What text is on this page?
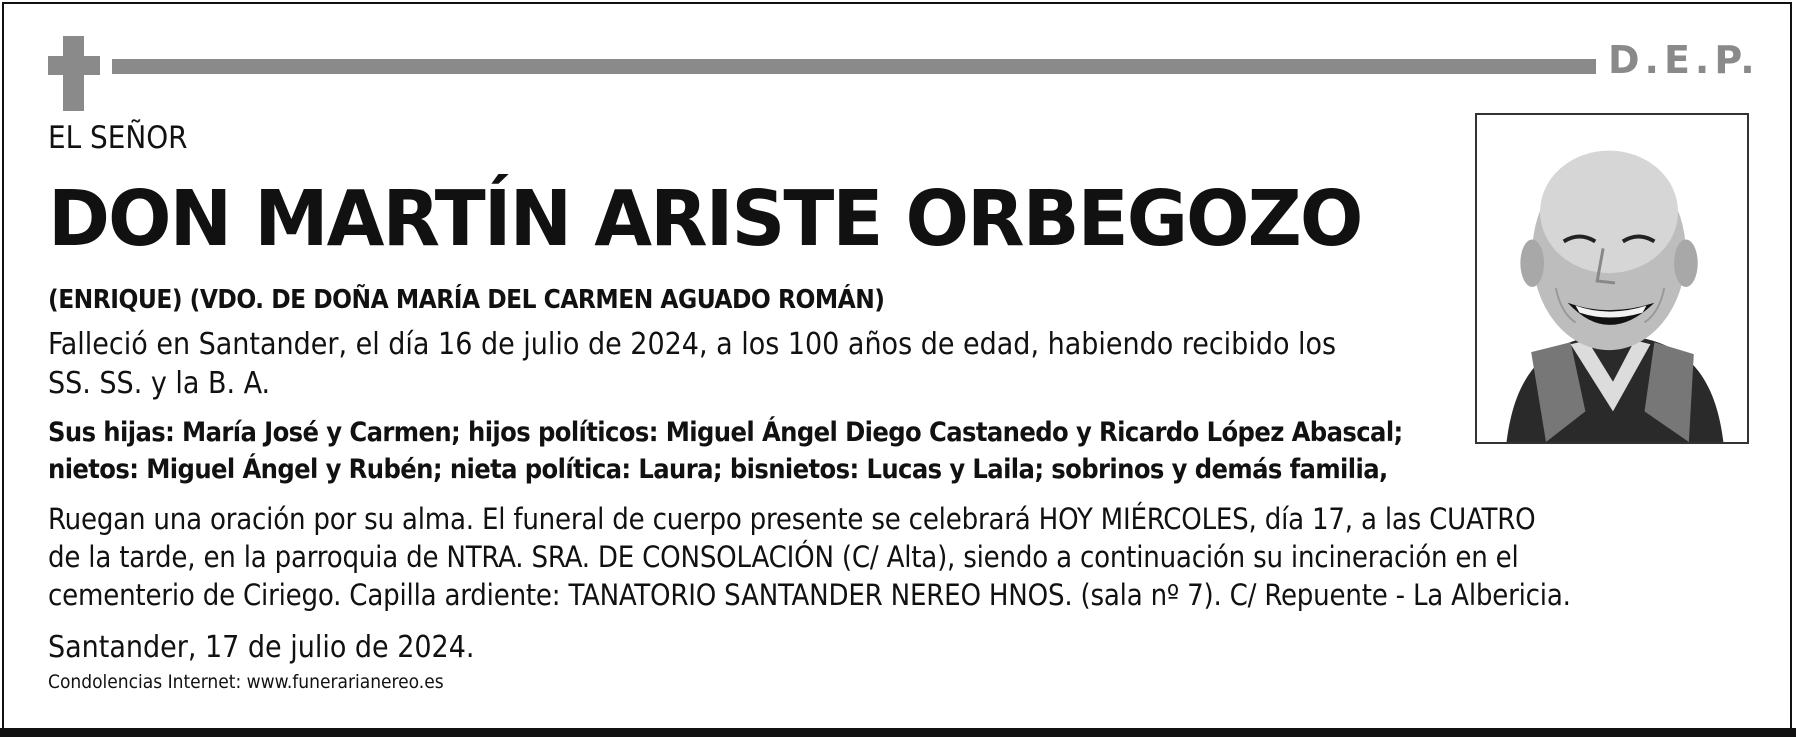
D.E.P.
EL SEÑOR
DON MARTÍN ARISTE ORBEGOZO
(ENRIQUE) (VDO. DE DOÑA MARÍA DEL CARMEN AGUADO ROMÁN)
Falleció en Santander, el día 16 de julio de 2024, a los 100 años de edad, habiendo recibido los
SS. SS. y la B. A.
Sus hijas: María José y Carmen; hijos políticos: Miguel Ángel Diego Castanedo y Ricardo López Abascal;
nietos: Miguel Ángel y Rubén; nieta política: Laura; bisnietos: Lucas y Laila; sobrinos y demás familia,
Ruegan una oración por su alma. El funeral de cuerpo presente se celebrará HOY MIÉRCOLES, día 17, a las CUATRO
de la tarde, en la parroquia de NTRA. SRA. DE CONSOLACIÓN (C/ Alta), siendo a continuación su incineración en el
cementerio de Ciriego. Capilla ardiente: TANATORIO SANTANDER NEREO HNOS. (sala nº 7). C/ Repuente - La Albericia.
Santander, 17 de julio de 2024.
Condolencias Internet: www.funerarianereo.es
